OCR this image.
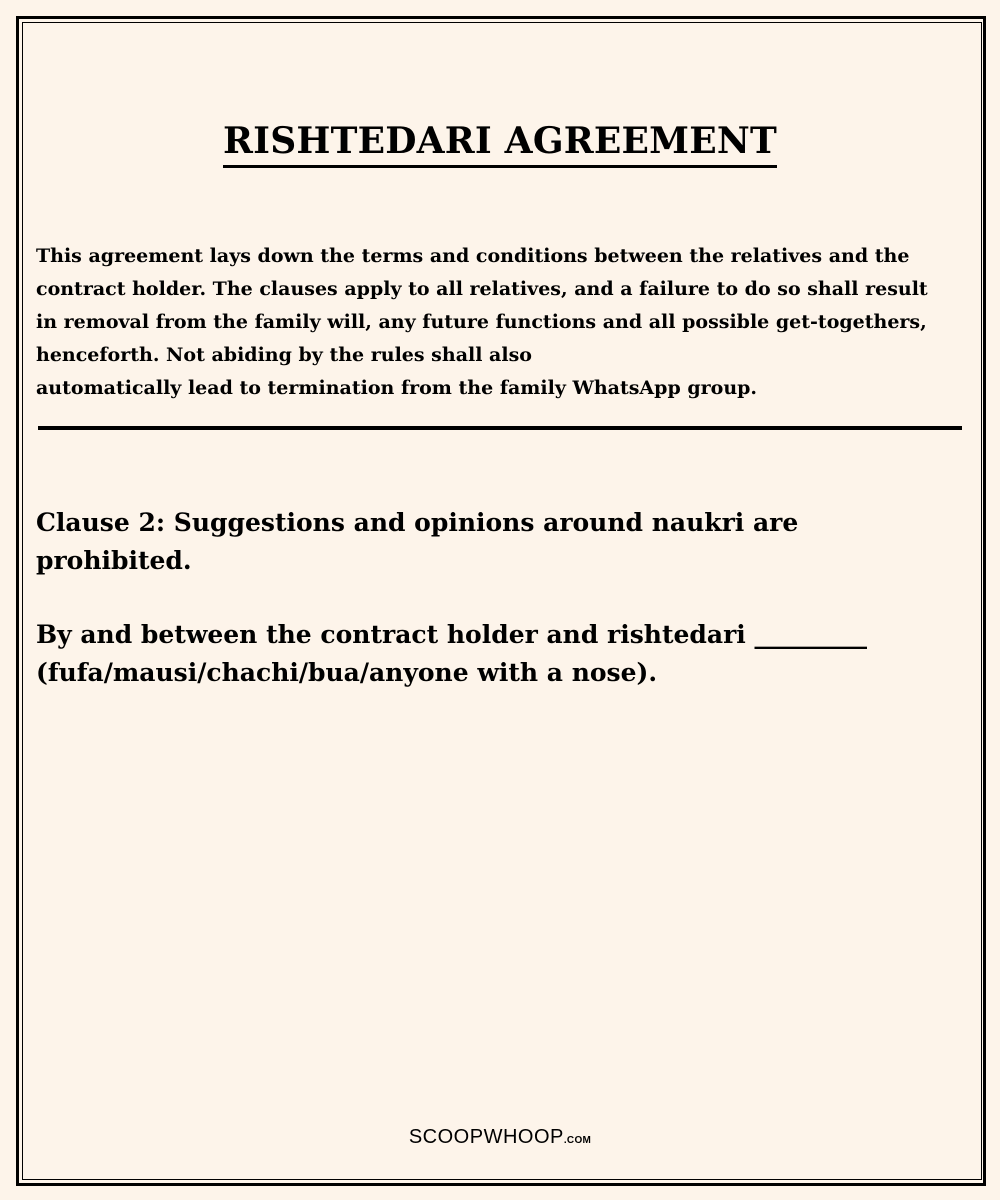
RISHTEDARI AGREEMENT
This agreement lays down the terms and conditions between the relatives and the
contract holder. The clauses apply to all relatives, and a failure to do so shall result
in removal from the family will, any future functions and all possible get-togethers,
henceforth. Not abiding by the rules shall also
automatically lead to termination from the family WhatsApp group.
Clause 2: Suggestions and opinions around naukri are
prohibited.
By and between the contract holder and rishtedari _________
(fufa/mausi/chachi/bua/anyone with a nose).
SCOOPWHOOP.COM
